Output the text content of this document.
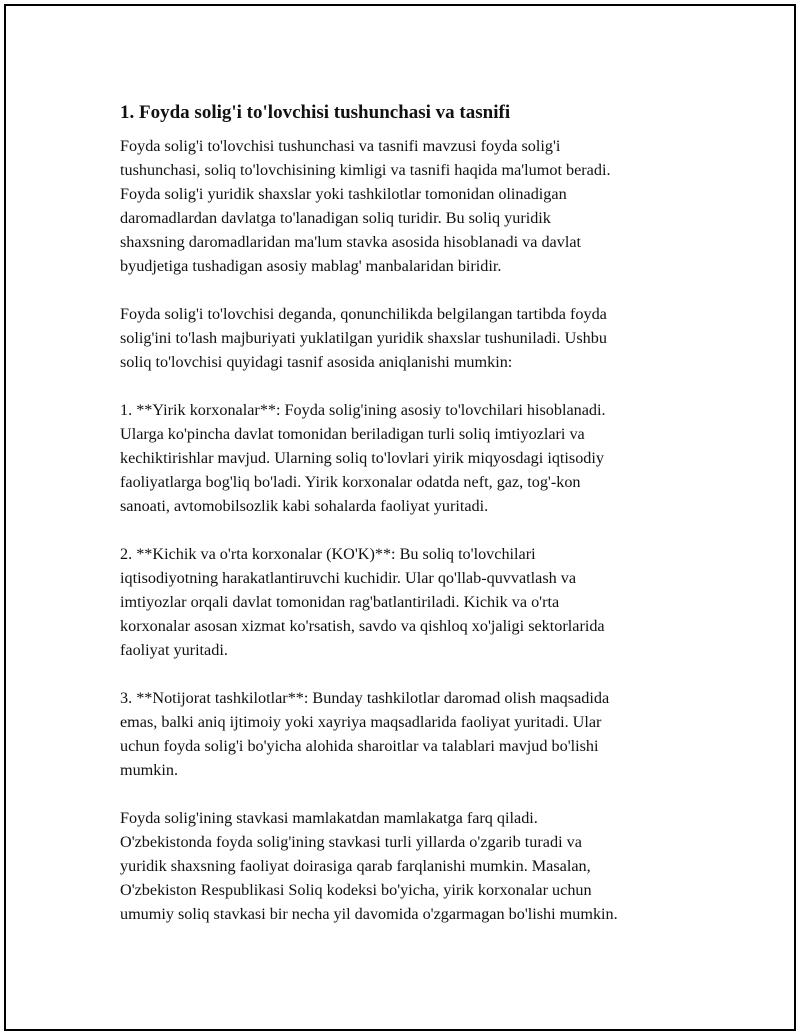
1. Foyda solig'i to'lovchisi tushunchasi va tasnifi
Foyda solig'i to'lovchisi tushunchasi va tasnifi mavzusi foyda solig'i
tushunchasi, soliq to'lovchisining kimligi va tasnifi haqida ma'lumot beradi.
Foyda solig'i yuridik shaxslar yoki tashkilotlar tomonidan olinadigan
daromadlardan davlatga to'lanadigan soliq turidir. Bu soliq yuridik
shaxsning daromadlaridan ma'lum stavka asosida hisoblanadi va davlat
byudjetiga tushadigan asosiy mablag' manbalaridan biridir.
Foyda solig'i to'lovchisi deganda, qonunchilikda belgilangan tartibda foyda
solig'ini to'lash majburiyati yuklatilgan yuridik shaxslar tushuniladi. Ushbu
soliq to'lovchisi quyidagi tasnif asosida aniqlanishi mumkin:
1. **Yirik korxonalar**: Foyda solig'ining asosiy to'lovchilari hisoblanadi.
Ularga ko'pincha davlat tomonidan beriladigan turli soliq imtiyozlari va
kechiktirishlar mavjud. Ularning soliq to'lovlari yirik miqyosdagi iqtisodiy
faoliyatlarga bog'liq bo'ladi. Yirik korxonalar odatda neft, gaz, tog'-kon
sanoati, avtomobilsozlik kabi sohalarda faoliyat yuritadi.
2. **Kichik va o'rta korxonalar (KO'K)**: Bu soliq to'lovchilari
iqtisodiyotning harakatlantiruvchi kuchidir. Ular qo'llab-quvvatlash va
imtiyozlar orqali davlat tomonidan rag'batlantiriladi. Kichik va o'rta
korxonalar asosan xizmat ko'rsatish, savdo va qishloq xo'jaligi sektorlarida
faoliyat yuritadi.
3. **Notijorat tashkilotlar**: Bunday tashkilotlar daromad olish maqsadida
emas, balki aniq ijtimoiy yoki xayriya maqsadlarida faoliyat yuritadi. Ular
uchun foyda solig'i bo'yicha alohida sharoitlar va talablari mavjud bo'lishi
mumkin.
Foyda solig'ining stavkasi mamlakatdan mamlakatga farq qiladi.
O'zbekistonda foyda solig'ining stavkasi turli yillarda o'zgarib turadi va
yuridik shaxsning faoliyat doirasiga qarab farqlanishi mumkin. Masalan,
O'zbekiston Respublikasi Soliq kodeksi bo'yicha, yirik korxonalar uchun
umumiy soliq stavkasi bir necha yil davomida o'zgarmagan bo'lishi mumkin.
